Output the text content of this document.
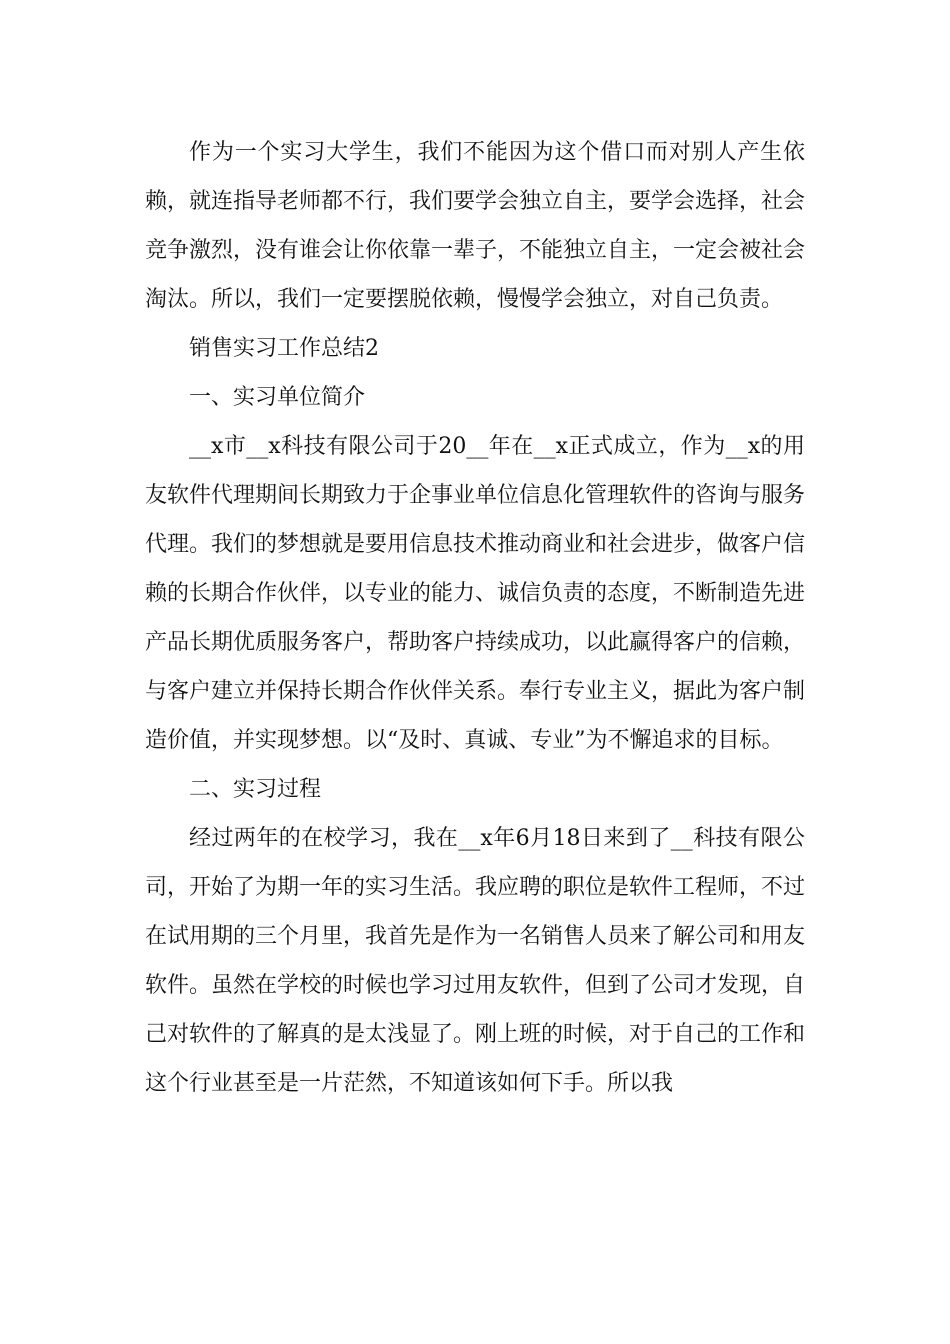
作为一个实习大学生，我们不能因为这个借口而对别人产生依赖，就连指导老师都不行，我们要学会独立自主，要学会选择，社会竞争激烈，没有谁会让你依靠一辈子，不能独立自主，一定会被社会淘汰。所以，我们一定要摆脱依赖，慢慢学会独立，对自己负责。

销售实习工作总结2

一、实习单位简介

__x市__x科技有限公司于20__年在__x正式成立，作为__x的用友软件代理期间长期致力于企事业单位信息化管理软件的咨询与服务代理。我们的梦想就是要用信息技术推动商业和社会进步，做客户信赖的长期合作伙伴，以专业的能力、诚信负责的态度，不断制造先进产品长期优质服务客户，帮助客户持续成功，以此赢得客户的信赖，与客户建立并保持长期合作伙伴关系。奉行专业主义，据此为客户制造价值，并实现梦想。以“及时、真诚、专业”为不懈追求的目标。

二、实习过程

经过两年的在校学习，我在__x年6月18日来到了__科技有限公司，开始了为期一年的实习生活。我应聘的职位是软件工程师，不过在试用期的三个月里，我首先是作为一名销售人员来了解公司和用友软件。虽然在学校的时候也学习过用友软件，但到了公司才发现，自己对软件的了解真的是太浅显了。刚上班的时候，对于自己的工作和这个行业甚至是一片茫然，不知道该如何下手。所以我
